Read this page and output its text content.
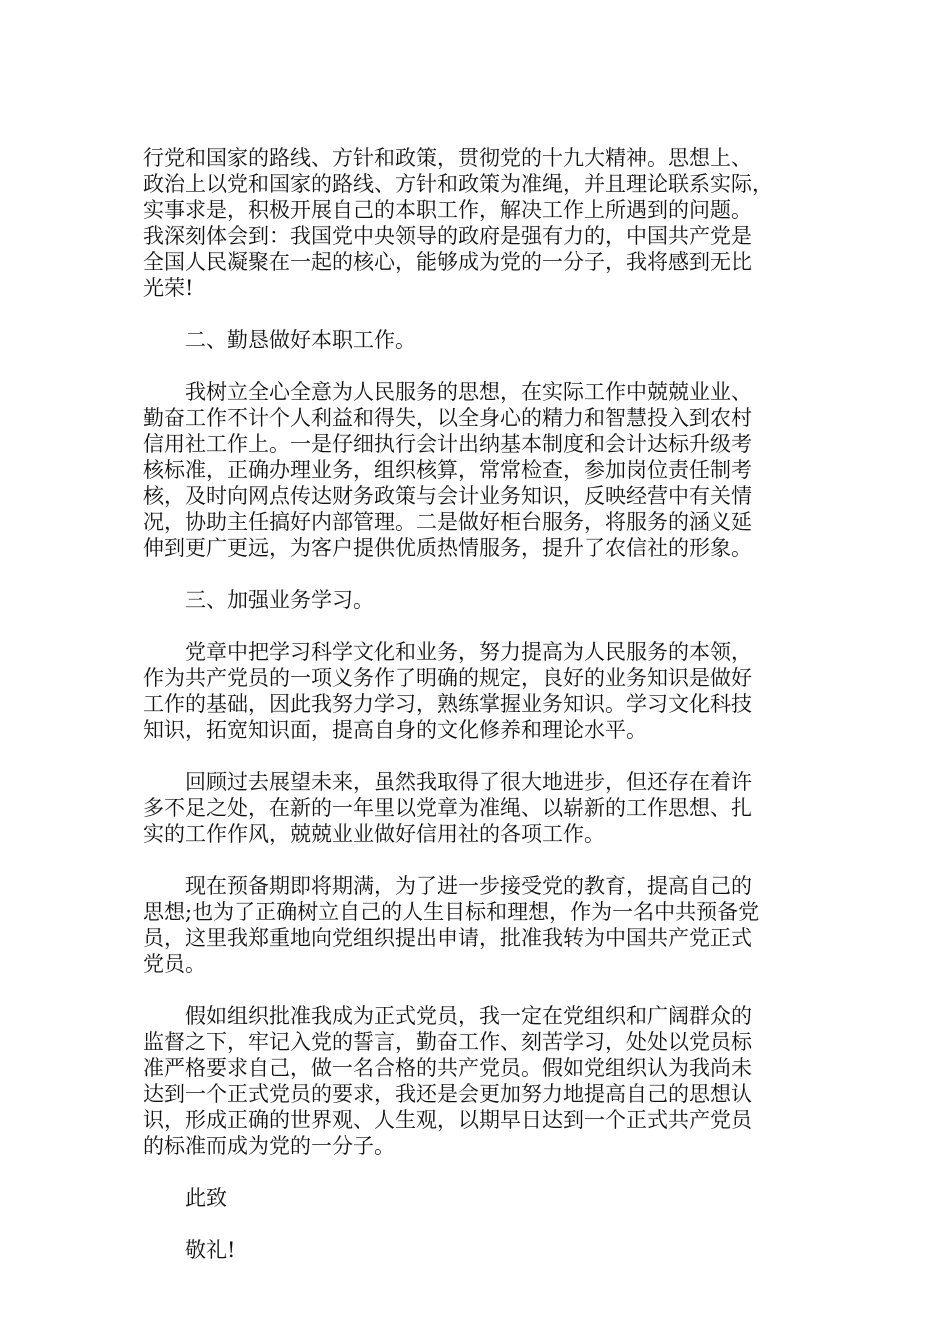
行党和国家的路线、方针和政策，贯彻党的十九大精神。思想上、
政治上以党和国家的路线、方针和政策为准绳，并且理论联系实际，
实事求是，积极开展自己的本职工作，解决工作上所遇到的问题。
我深刻体会到：我国党中央领导的政府是强有力的，中国共产党是
全国人民凝聚在一起的核心，能够成为党的一分子，我将感到无比
光荣!

二、勤恳做好本职工作。

我树立全心全意为人民服务的思想，在实际工作中兢兢业业、
勤奋工作不计个人利益和得失，以全身心的精力和智慧投入到农村
信用社工作上。一是仔细执行会计出纳基本制度和会计达标升级考
核标准，正确办理业务，组织核算，常常检查，参加岗位责任制考
核，及时向网点传达财务政策与会计业务知识，反映经营中有关情
况，协助主任搞好内部管理。二是做好柜台服务，将服务的涵义延
伸到更广更远，为客户提供优质热情服务，提升了农信社的形象。

三、加强业务学习。

党章中把学习科学文化和业务，努力提高为人民服务的本领，
作为共产党员的一项义务作了明确的规定，良好的业务知识是做好
工作的基础，因此我努力学习，熟练掌握业务知识。学习文化科技
知识，拓宽知识面，提高自身的文化修养和理论水平。

回顾过去展望未来，虽然我取得了很大地进步，但还存在着许
多不足之处，在新的一年里以党章为准绳、以崭新的工作思想、扎
实的工作作风，兢兢业业做好信用社的各项工作。

现在预备期即将期满，为了进一步接受党的教育，提高自己的
思想;也为了正确树立自己的人生目标和理想，作为一名中共预备党
员，这里我郑重地向党组织提出申请，批准我转为中国共产党正式
党员。

假如组织批准我成为正式党员，我一定在党组织和广阔群众的
监督之下，牢记入党的誓言，勤奋工作、刻苦学习，处处以党员标
准严格要求自己，做一名合格的共产党员。假如党组织认为我尚未
达到一个正式党员的要求，我还是会更加努力地提高自己的思想认
识，形成正确的世界观、人生观，以期早日达到一个正式共产党员
的标准而成为党的一分子。

此致

敬礼!
